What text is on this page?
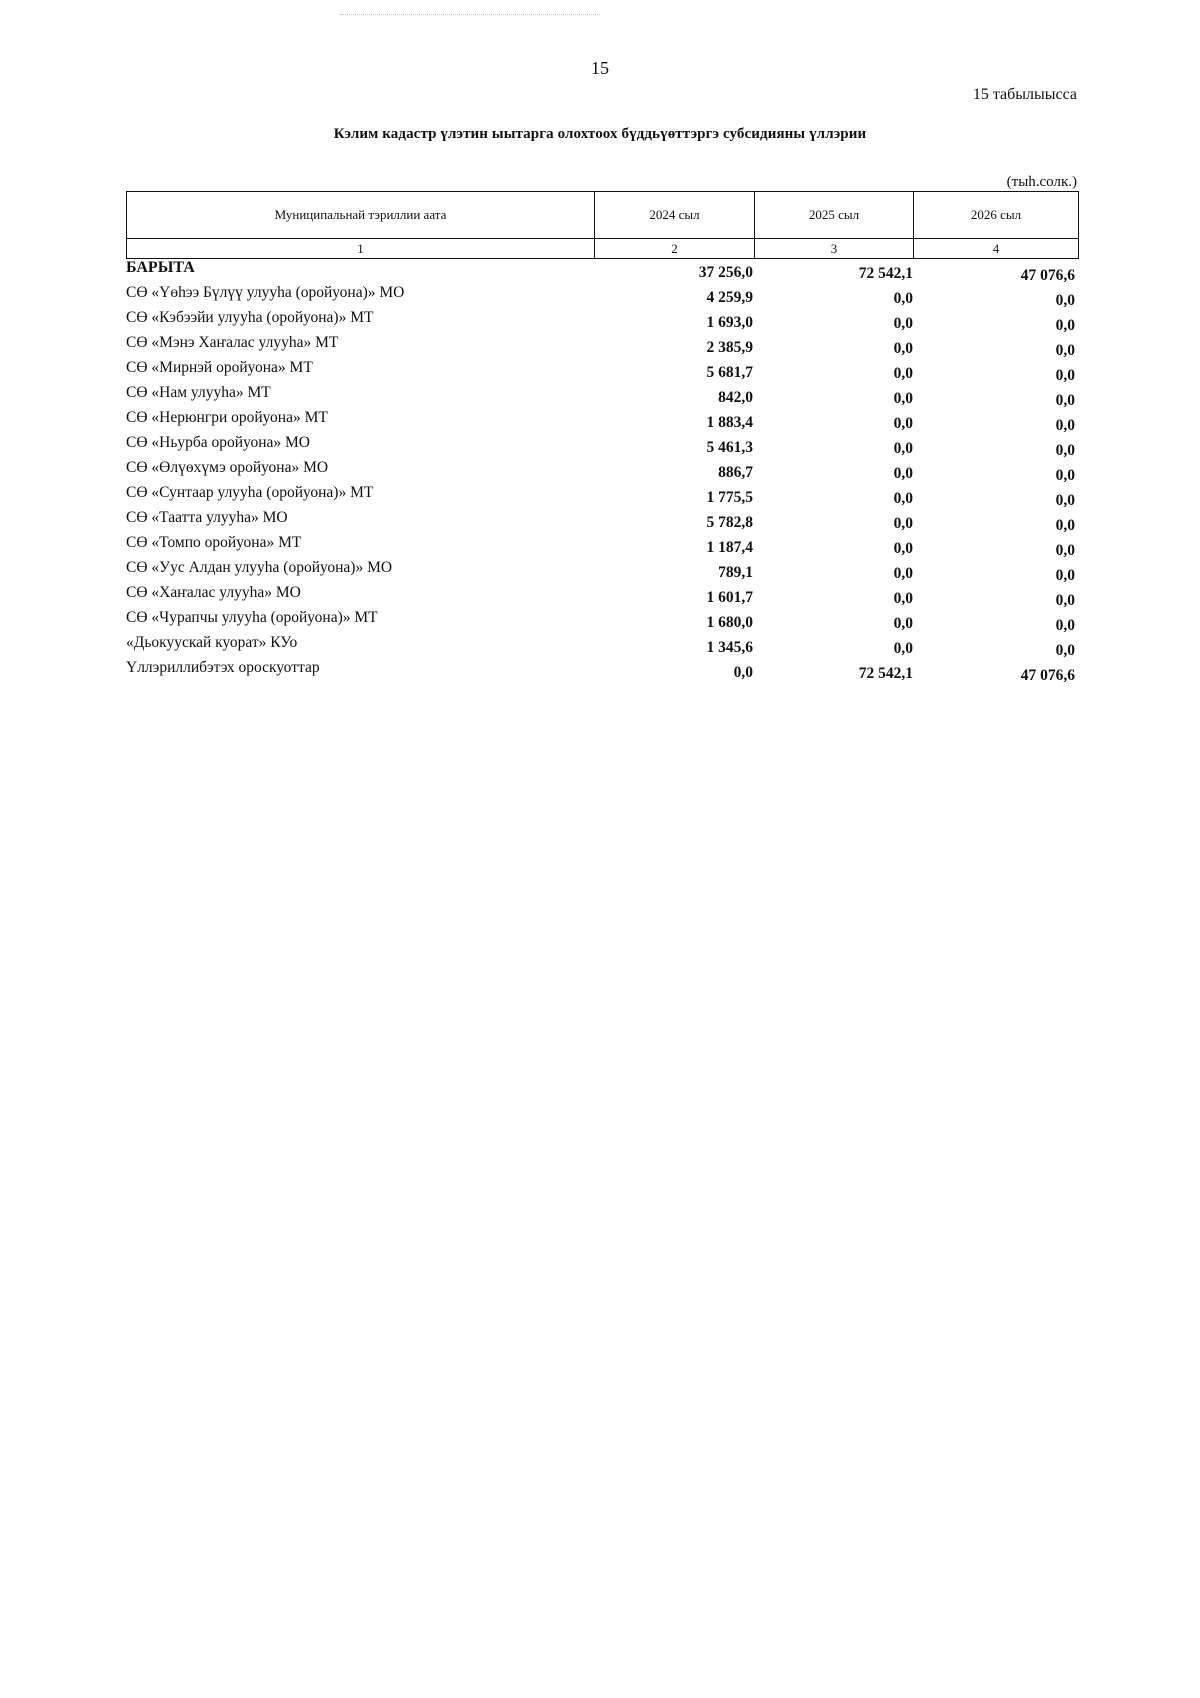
15
15 табылыысса
Кэлим кадастр үлэтин ыытарга олохтоох бүддьүөттэргэ субсидияны үллэрии
(тыһ.солк.)
Муниципальнай тэриллии аата	2024 сыл	2025 сыл	2026 сыл
1	2	3	4
БАРЫТА	37 256,0	72 542,1	47 076,6
СӨ «Үөһээ Бүлүү улууһа (оройуона)» МО	4 259,9	0,0	0,0
СӨ «Кэбээйи улууһа (оройуона)» МТ	1 693,0	0,0	0,0
СӨ «Мэнэ Хаҥалас улууһа» МТ	2 385,9	0,0	0,0
СӨ «Мирнэй оройуона» МТ	5 681,7	0,0	0,0
СӨ «Нам улууһа» МТ	842,0	0,0	0,0
СӨ «Нерюнгри оройуона» МТ	1 883,4	0,0	0,0
СӨ «Ньурба оройуона» МО	5 461,3	0,0	0,0
СӨ «Өлүөхүмэ оройуона» МО	886,7	0,0	0,0
СӨ «Сунтаар улууһа (оройуона)» МТ	1 775,5	0,0	0,0
СӨ «Таатта улууһа» МО	5 782,8	0,0	0,0
СӨ «Томпо оройуона» МТ	1 187,4	0,0	0,0
СӨ «Уус Алдан улууһа (оройуона)» МО	789,1	0,0	0,0
СӨ «Хаҥалас улууһа» МО	1 601,7	0,0	0,0
СӨ «Чурапчы улууһа (оройуона)» МТ	1 680,0	0,0	0,0
«Дьокуускай куорат» КУо	1 345,6	0,0	0,0
Үллэриллибэтэх ороскуоттар	0,0	72 542,1	47 076,6
